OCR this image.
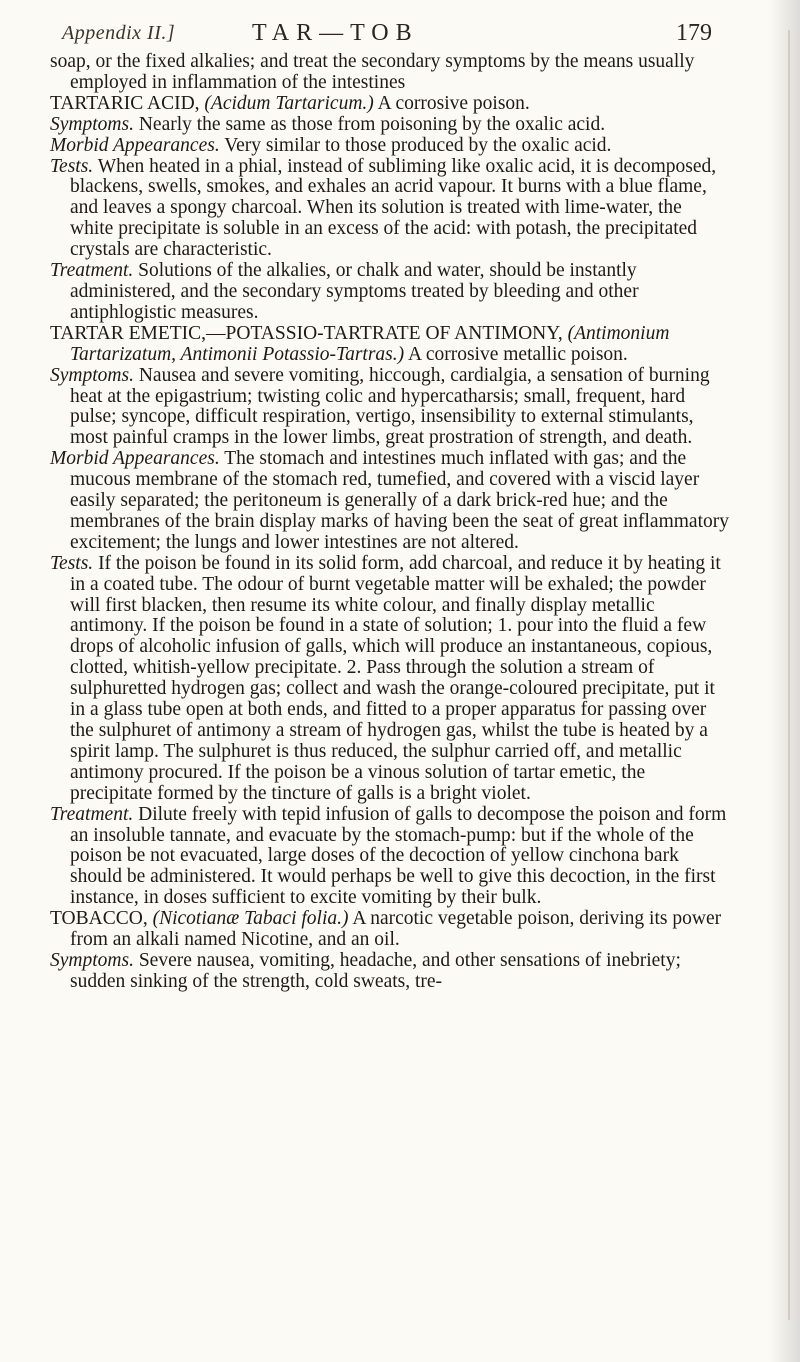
Appendix II.]	TAR—TOB	179

soap, or the fixed alkalies; and treat the secondary symptoms by the means usually employed in inflammation of the intestines

TARTARIC ACID, (Acidum Tartaricum.) A corrosive poison.

Symptoms. Nearly the same as those from poisoning by the oxalic acid.

Morbid Appearances. Very similar to those produced by the oxalic acid.

Tests. When heated in a phial, instead of subliming like oxalic acid, it is decomposed, blackens, swells, smokes, and exhales an acrid vapour. It burns with a blue flame, and leaves a spongy charcoal. When its solution is treated with lime-water, the white precipitate is soluble in an excess of the acid: with potash, the precipitated crystals are characteristic.

Treatment. Solutions of the alkalies, or chalk and water, should be instantly administered, and the secondary symptoms treated by bleeding and other antiphlogistic measures.

TARTAR EMETIC,—POTASSIO-TARTRATE OF ANTIMONY, (Antimonium Tartarizatum, Antimonii Potassio-Tartras.) A corrosive metallic poison.

Symptoms. Nausea and severe vomiting, hiccough, cardialgia, a sensation of burning heat at the epigastrium; twisting colic and hypercatharsis; small, frequent, hard pulse; syncope, difficult respiration, vertigo, insensibility to external stimulants, most painful cramps in the lower limbs, great prostration of strength, and death.

Morbid Appearances. The stomach and intestines much inflated with gas; and the mucous membrane of the stomach red, tumefied, and covered with a viscid layer easily separated; the peritoneum is generally of a dark brick-red hue; and the membranes of the brain display marks of having been the seat of great inflammatory excitement; the lungs and lower intestines are not altered.

Tests. If the poison be found in its solid form, add charcoal, and reduce it by heating it in a coated tube. The odour of burnt vegetable matter will be exhaled; the powder will first blacken, then resume its white colour, and finally display metallic antimony. If the poison be found in a state of solution; 1. pour into the fluid a few drops of alcoholic infusion of galls, which will produce an instantaneous, copious, clotted, whitish-yellow precipitate. 2. Pass through the solution a stream of sulphuretted hydrogen gas; collect and wash the orange-coloured precipitate, put it in a glass tube open at both ends, and fitted to a proper apparatus for passing over the sulphuret of antimony a stream of hydrogen gas, whilst the tube is heated by a spirit lamp. The sulphuret is thus reduced, the sulphur carried off, and metallic antimony procured. If the poison be a vinous solution of tartar emetic, the precipitate formed by the tincture of galls is a bright violet.

Treatment. Dilute freely with tepid infusion of galls to decompose the poison and form an insoluble tannate, and evacuate by the stomach-pump: but if the whole of the poison be not evacuated, large doses of the decoction of yellow cinchona bark should be administered. It would perhaps be well to give this decoction, in the first instance, in doses sufficient to excite vomiting by their bulk.

TOBACCO, (Nicotianæ Tabaci folia.) A narcotic vegetable poison, deriving its power from an alkali named Nicotine, and an oil.

Symptoms. Severe nausea, vomiting, headache, and other sensations of inebriety; sudden sinking of the strength, cold sweats, tre-
